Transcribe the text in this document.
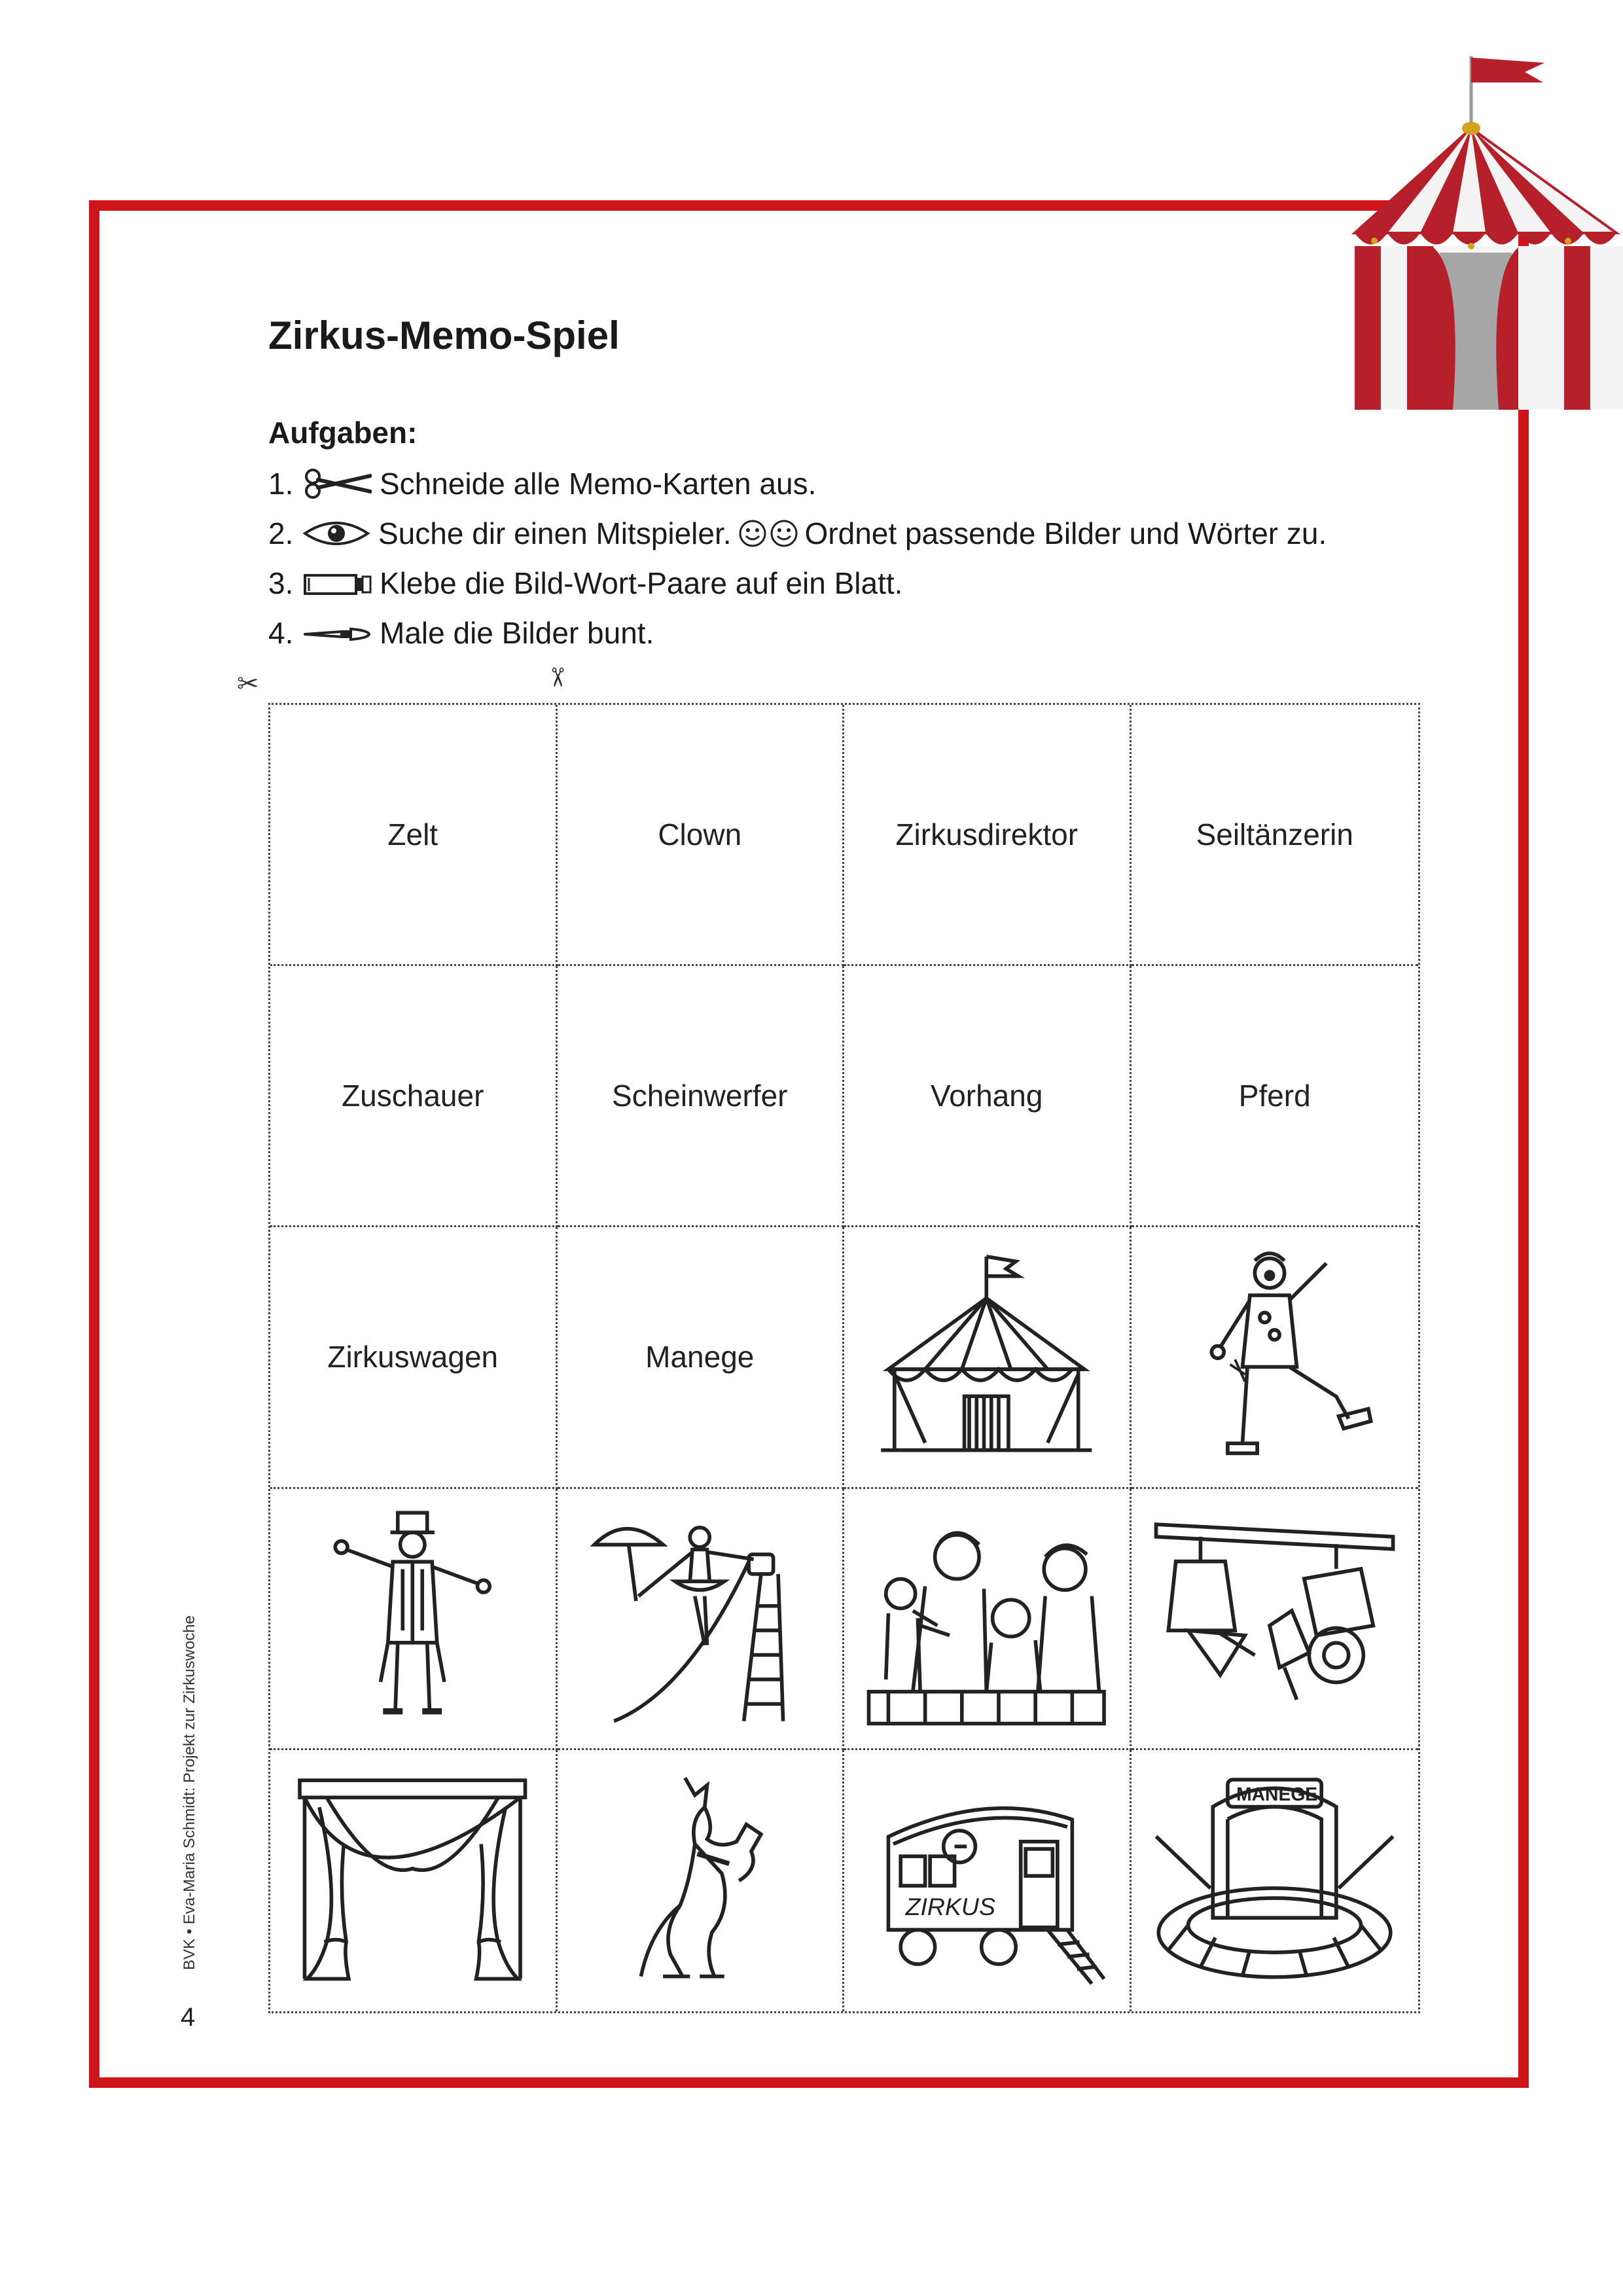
Zirkus-Memo-Spiel
Aufgaben:
1.	Schneide alle Memo-Karten aus.
2.	Suche dir einen Mitspieler. Ordnet passende Bilder und Wörter zu.
3.	Klebe die Bild-Wort-Paare auf ein Blatt.
4.	Male die Bilder bunt.
✂	✂
Zelt	Clown	Zirkusdirektor	Seiltänzerin
Zuschauer	Scheinwerfer	Vorhang	Pferd
Zirkuswagen	Manege
ZIRKUS
MANEGE
BVK • Eva-Maria Schmidt: Projekt zur Zirkuswoche
4
